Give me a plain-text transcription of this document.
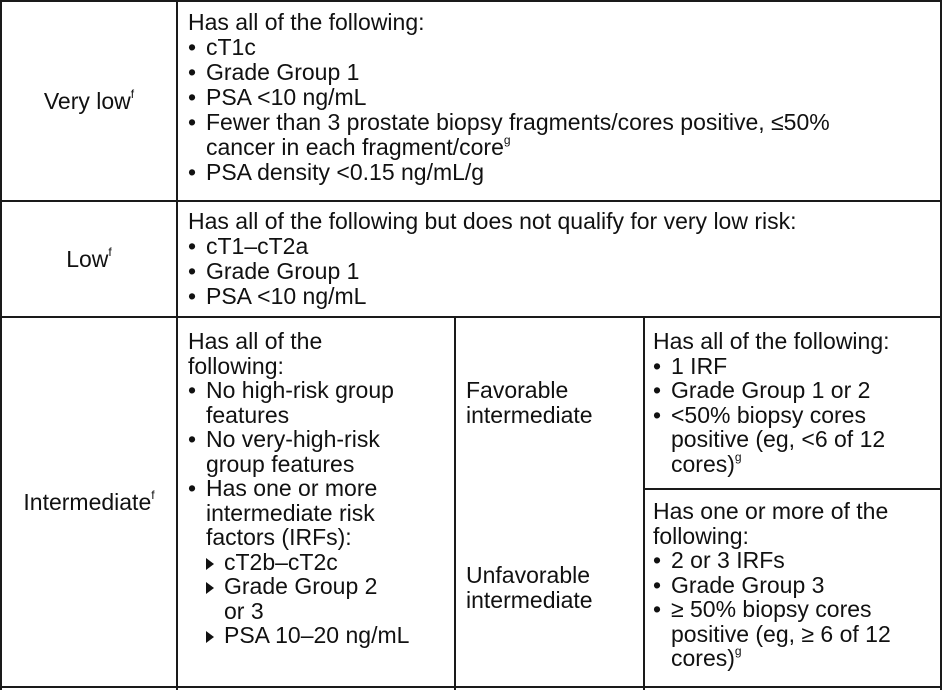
Very low$^f$
Has all of the following:
• cT1c
• Grade Group 1
• PSA <10 ng/mL
• Fewer than 3 prostate biopsy fragments/cores positive, ≤50%
cancer in each fragment/core$^g$
• PSA density <0.15 ng/mL/g
Low$^f$
Has all of the following but does not qualify for very low risk:
• cT1–cT2a
• Grade Group 1
• PSA <10 ng/mL
Intermediate$^f$
Has all of the
following:
• No high-risk group
features
• No very-high-risk
group features
• Has one or more
intermediate risk
factors (IRFs):
cT2b–cT2c
Grade Group 2
or 3
PSA 10–20 ng/mL
Favorable
intermediate
Has all of the following:
• 1 IRF
• Grade Group 1 or 2
• <50% biopsy cores
positive (eg, <6 of 12
cores)$^g$
Unfavorable
intermediate
Has one or more of the
following:
• 2 or 3 IRFs
• Grade Group 3
• ≥ 50% biopsy cores
positive (eg, ≥ 6 of 12
cores)$^g$
